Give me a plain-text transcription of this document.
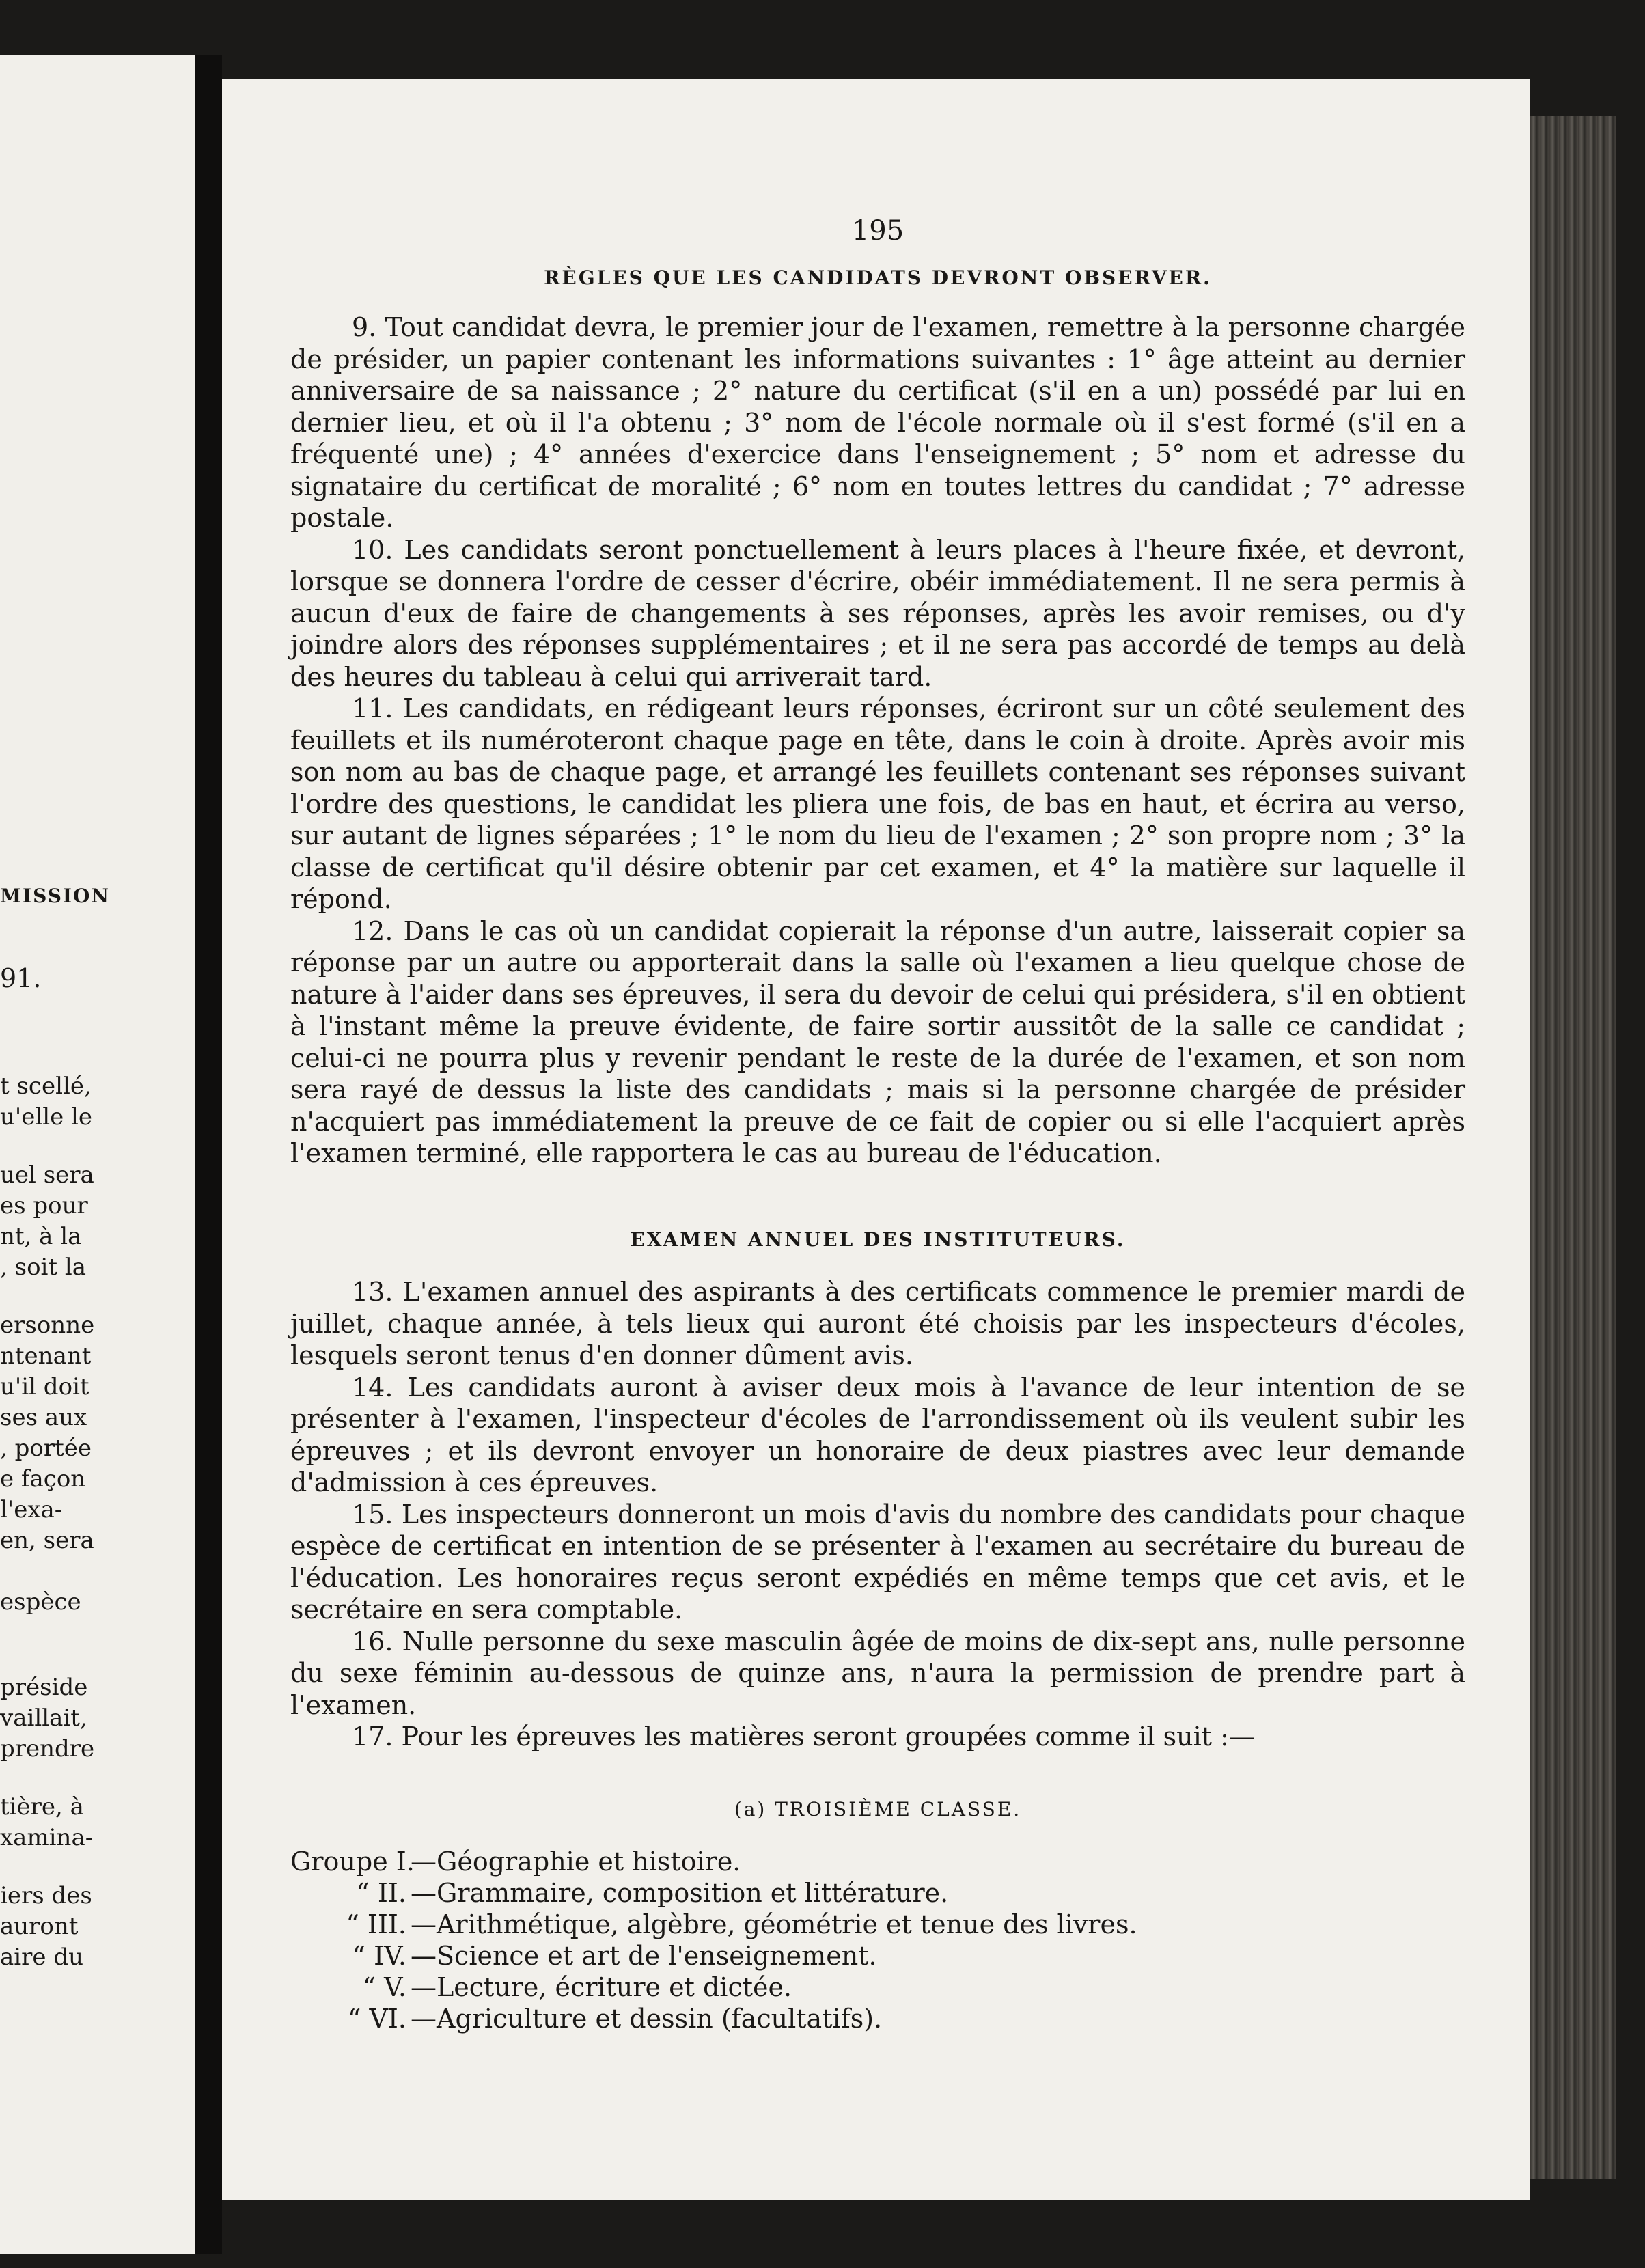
MISSION
91.
t scellé,
u'elle le
uel sera
es pour
nt, à la
, soit la
ersonne
ntenant
u'il doit
ses aux
, portée
e façon
l'exa-
en, sera
espèce
préside
vaillait,
prendre
tière, à
xamina-
iers des
auront
aire du
195
RÈGLES QUE LES CANDIDATS DEVRONT OBSERVER.

9. Tout candidat devra, le premier jour de l'examen, remettre à la personne chargée de présider, un papier contenant les informations suivantes : 1° âge atteint au dernier anniversaire de sa naissance ; 2° nature du certificat (s'il en a un) possédé par lui en dernier lieu, et où il l'a obtenu ; 3° nom de l'école normale où il s'est formé (s'il en a fréquenté une) ; 4° années d'exercice dans l'enseignement ; 5° nom et adresse du signataire du certificat de moralité ; 6° nom en toutes lettres du candidat ; 7° adresse postale.

10. Les candidats seront ponctuellement à leurs places à l'heure fixée, et devront, lorsque se donnera l'ordre de cesser d'écrire, obéir immédiatement. Il ne sera permis à aucun d'eux de faire de changements à ses réponses, après les avoir remises, ou d'y joindre alors des réponses supplémentaires ; et il ne sera pas accordé de temps au delà des heures du tableau à celui qui arriverait tard.

11. Les candidats, en rédigeant leurs réponses, écriront sur un côté seulement des feuillets et ils numéroteront chaque page en tête, dans le coin à droite. Après avoir mis son nom au bas de chaque page, et arrangé les feuillets contenant ses réponses suivant l'ordre des questions, le candidat les pliera une fois, de bas en haut, et écrira au verso, sur autant de lignes séparées ; 1° le nom du lieu de l'examen ; 2° son propre nom ; 3° la classe de certificat qu'il désire obtenir par cet examen, et 4° la matière sur laquelle il répond.

12. Dans le cas où un candidat copierait la réponse d'un autre, laisserait copier sa réponse par un autre ou apporterait dans la salle où l'examen a lieu quelque chose de nature à l'aider dans ses épreuves, il sera du devoir de celui qui présidera, s'il en obtient à l'instant même la preuve évidente, de faire sortir aussitôt de la salle ce candidat ; celui-ci ne pourra plus y revenir pendant le reste de la durée de l'examen, et son nom sera rayé de dessus la liste des candidats ; mais si la personne chargée de présider n'acquiert pas immédiatement la preuve de ce fait de copier ou si elle l'acquiert après l'examen terminé, elle rapportera le cas au bureau de l'éducation.

EXAMEN ANNUEL DES INSTITUTEURS.

13. L'examen annuel des aspirants à des certificats commence le premier mardi de juillet, chaque année, à tels lieux qui auront été choisis par les inspecteurs d'écoles, lesquels seront tenus d'en donner dûment avis.

14. Les candidats auront à aviser deux mois à l'avance de leur intention de se présenter à l'examen, l'inspecteur d'écoles de l'arrondissement où ils veulent subir les épreuves ; et ils devront envoyer un honoraire de deux piastres avec leur demande d'admission à ces épreuves.

15. Les inspecteurs donneront un mois d'avis du nombre des candidats pour chaque espèce de certificat en intention de se présenter à l'examen au secrétaire du bureau de l'éducation. Les honoraires reçus seront expédiés en même temps que cet avis, et le secrétaire en sera comptable.

16. Nulle personne du sexe masculin âgée de moins de dix-sept ans, nulle personne du sexe féminin au-dessous de quinze ans, n'aura la permission de prendre part à l'examen.

17. Pour les épreuves les matières seront groupées comme il suit :—

(a) TROISIÈME CLASSE.
Groupe I.
—Géographie et histoire.
“ II. —Grammaire, composition et littérature.
“ III. —Arithmétique, algèbre, géométrie et tenue des livres.
“ IV. —Science et art de l'enseignement.
“ V. —Lecture, écriture et dictée.
“ VI. —Agriculture et dessin (facultatifs).
